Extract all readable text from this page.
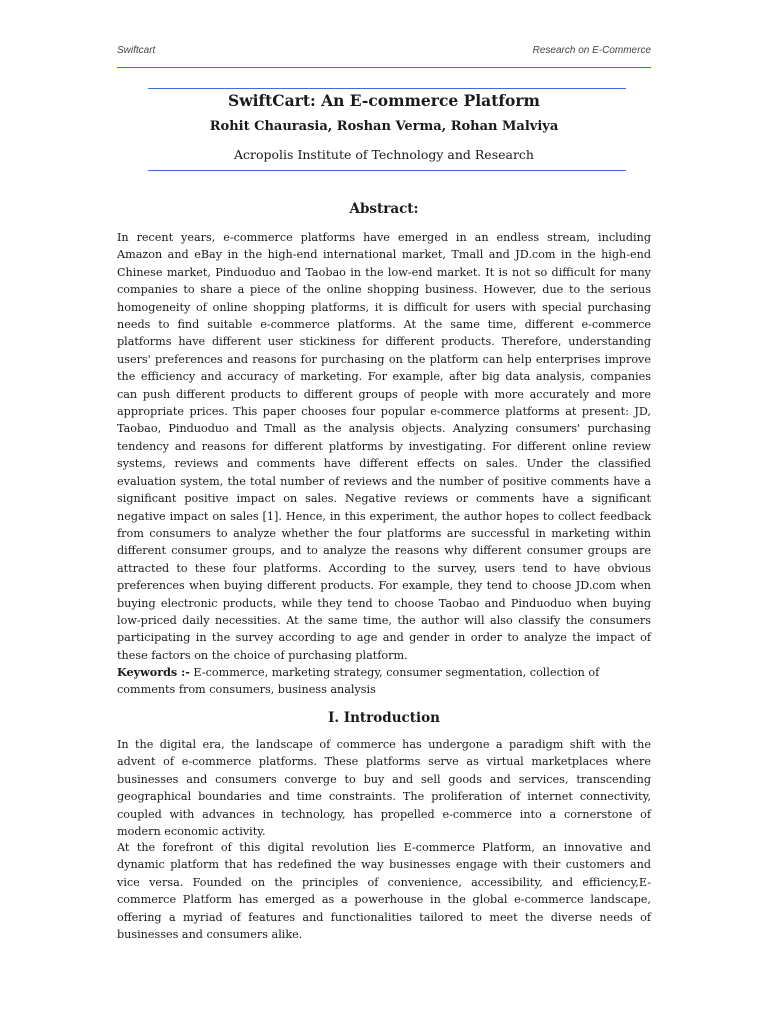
Swiftcart	Research on E-Commerce
SwiftCart: An E-commerce Platform
Rohit Chaurasia, Roshan Verma, Rohan Malviya
Acropolis Institute of Technology and Research
Abstract:

In recent years, e-commerce platforms have emerged in an endless stream, including Amazon and eBay in the high-end international market, Tmall and JD.com in the high-end Chinese market, Pinduoduo and Taobao in the low-end market. It is not so difficult for many companies to share a piece of the online shopping business. However, due to the serious homogeneity of online shopping platforms, it is difficult for users with special purchasing needs to find suitable e-commerce platforms. At the same time, different e-commerce platforms have different user stickiness for different products. Therefore, understanding users' preferences and reasons for purchasing on the platform can help enterprises improve the efficiency and accuracy of marketing. For example, after big data analysis, companies can push different products to different groups of people with more accurately and more appropriate prices. This paper chooses four popular e-commerce platforms at present: JD, Taobao, Pinduoduo and Tmall as the analysis objects. Analyzing consumers' purchasing tendency and reasons for different platforms by investigating. For different online review systems, reviews and comments have different effects on sales. Under the classified evaluation system, the total number of reviews and the number of positive comments have a significant positive impact on sales. Negative reviews or comments have a significant negative impact on sales [1]. Hence, in this experiment, the author hopes to collect feedback from consumers to analyze whether the four platforms are successful in marketing within different consumer groups, and to analyze the reasons why different consumer groups are attracted to these four platforms. According to the survey, users tend to have obvious preferences when buying different products. For example, they tend to choose JD.com when buying electronic products, while they tend to choose Taobao and Pinduoduo when buying low-priced daily necessities. At the same time, the author will also classify the consumers participating in the survey according to age and gender in order to analyze the impact of these factors on the choice of purchasing platform.

Keywords :- E-commerce, marketing strategy, consumer segmentation, collection of comments from consumers, business analysis

I. Introduction

In the digital era, the landscape of commerce has undergone a paradigm shift with the advent of e-commerce platforms. These platforms serve as virtual marketplaces where businesses and consumers converge to buy and sell goods and services, transcending geographical boundaries and time constraints. The proliferation of internet connectivity, coupled with advances in technology, has propelled e-commerce into a cornerstone of modern economic activity.

At the forefront of this digital revolution lies E-commerce Platform, an innovative and dynamic platform that has redefined the way businesses engage with their customers and vice versa. Founded on the principles of convenience, accessibility, and efficiency,E-commerce Platform has emerged as a powerhouse in the global e-commerce landscape, offering a myriad of features and functionalities tailored to meet the diverse needs of businesses and consumers alike.
